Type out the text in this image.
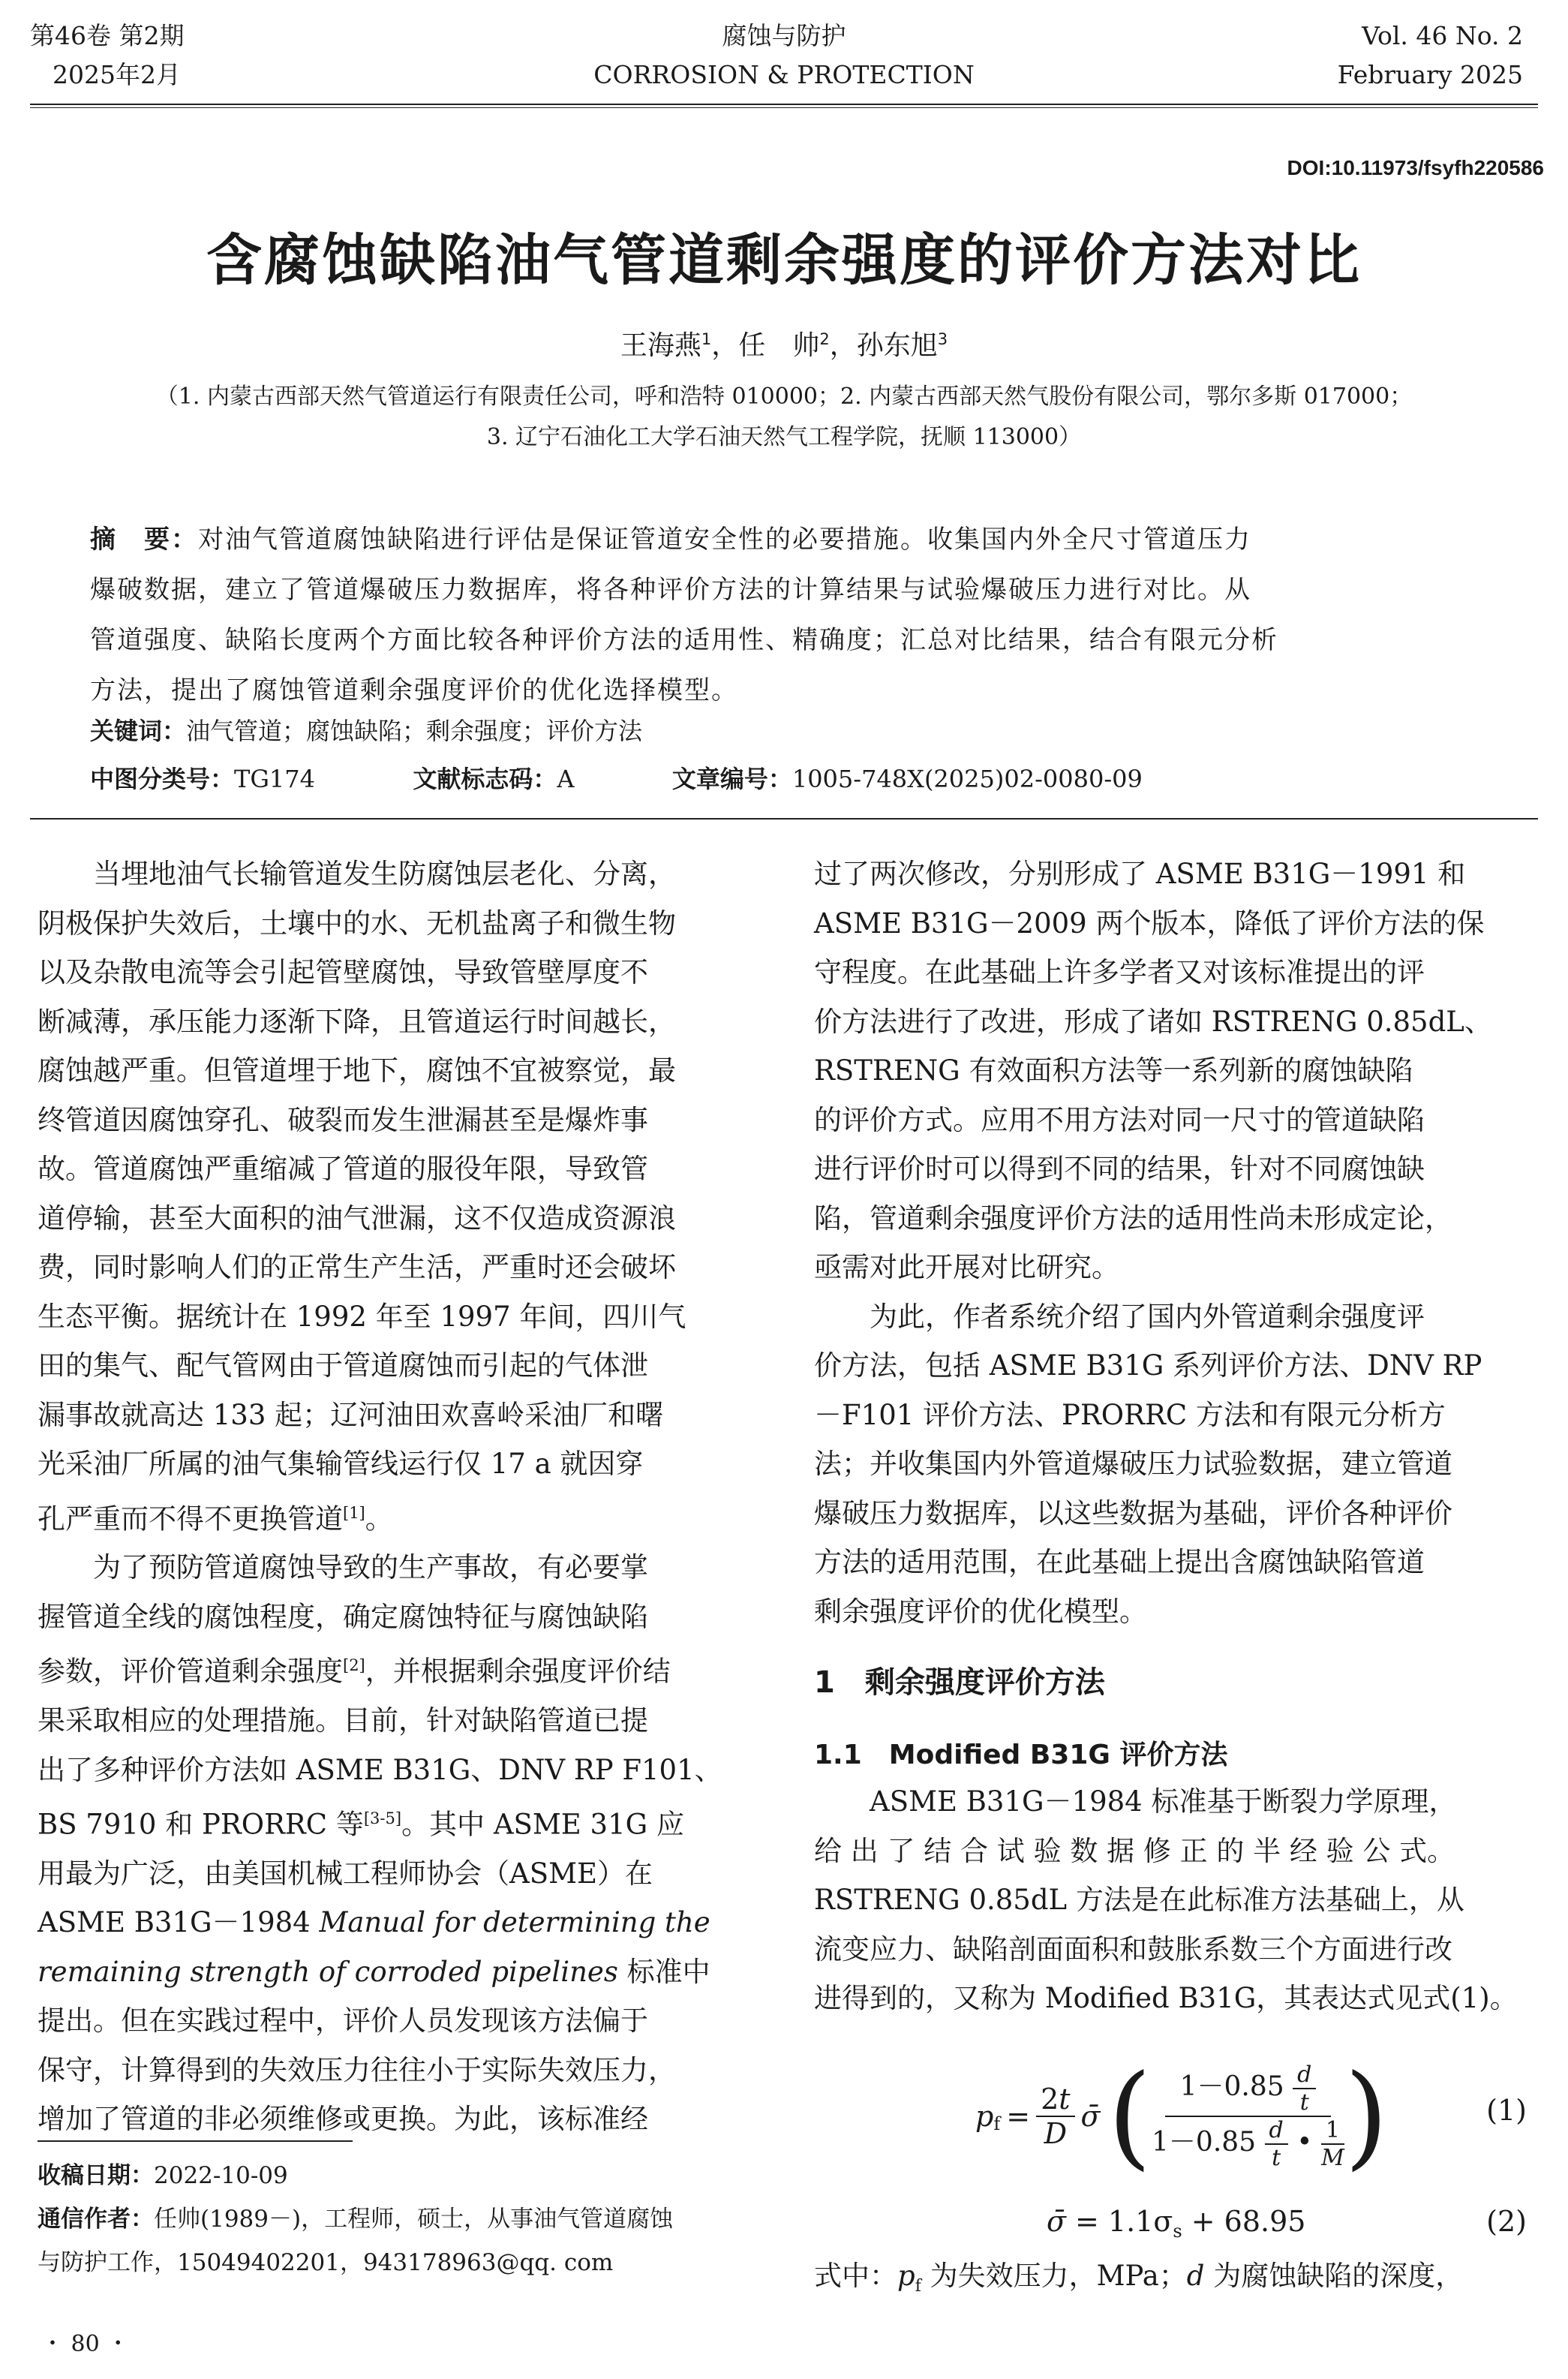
第46卷 第2期
2025年2月
腐蚀与防护
CORROSION & PROTECTION
Vol. 46 No. 2
February 2025
DOI:10.11973/fsyfh220586
含腐蚀缺陷油气管道剩余强度的评价方法对比
王海燕$^1$，任　帅$^2$，孙东旭$^3$
（1. 内蒙古西部天然气管道运行有限责任公司，呼和浩特 010000；2. 内蒙古西部天然气股份有限公司，鄂尔多斯 017000；
3. 辽宁石油化工大学石油天然气工程学院，抚顺 113000）
摘　要：对油气管道腐蚀缺陷进行评估是保证管道安全性的必要措施。收集国内外全尺寸管道压力
爆破数据，建立了管道爆破压力数据库，将各种评价方法的计算结果与试验爆破压力进行对比。从
管道强度、缺陷长度两个方面比较各种评价方法的适用性、精确度；汇总对比结果，结合有限元分析
方法，提出了腐蚀管道剩余强度评价的优化选择模型。
关键词：油气管道；腐蚀缺陷；剩余强度；评价方法
中图分类号：TG174	文献标志码：A	文章编号：1005-748X(2025)02-0080-09

当埋地油气长输管道发生防腐蚀层老化、分离，

阴极保护失效后，土壤中的水、无机盐离子和微生物
以及杂散电流等会引起管壁腐蚀，导致管壁厚度不
断减薄，承压能力逐渐下降，且管道运行时间越长，
腐蚀越严重。但管道埋于地下，腐蚀不宜被察觉，最
终管道因腐蚀穿孔、破裂而发生泄漏甚至是爆炸事
故。管道腐蚀严重缩减了管道的服役年限，导致管
道停输，甚至大面积的油气泄漏，这不仅造成资源浪
费，同时影响人们的正常生产生活，严重时还会破坏
生态平衡。据统计在 1992 年至 1997 年间，四川气
田的集气、配气管网由于管道腐蚀而引起的气体泄
漏事故就高达 133 起；辽河油田欢喜岭采油厂和曙
光采油厂所属的油气集输管线运行仅 17 a 就因穿
孔严重而不得不更换管道[1]。

为了预防管道腐蚀导致的生产事故，有必要掌

握管道全线的腐蚀程度，确定腐蚀特征与腐蚀缺陷
参数，评价管道剩余强度[2]，并根据剩余强度评价结
果采取相应的处理措施。目前，针对缺陷管道已提
出了多种评价方法如 ASME B31G、DNV RP F101、
BS 7910 和 PRORRC 等[3-5]。其中 ASME 31G 应
用最为广泛，由美国机械工程师协会（ASME）在
ASME B31G－1984 Manual for determining the
remaining strength of corroded pipelines 标准中
提出。但在实践过程中，评价人员发现该方法偏于
保守，计算得到的失效压力往往小于实际失效压力，
增加了管道的非必须维修或更换。为此，该标准经

收稿日期：2022-10-09
通信作者：任帅(1989－)，工程师，硕士，从事油气管道腐蚀
与防护工作，15049402201，943178963@qq. com
・ 80 ・

过了两次修改，分别形成了 ASME B31G－1991 和
ASME B31G－2009 两个版本，降低了评价方法的保
守程度。在此基础上许多学者又对该标准提出的评
价方法进行了改进，形成了诸如 RSTRENG 0.85dL、
RSTRENG 有效面积方法等一系列新的腐蚀缺陷
的评价方式。应用不用方法对同一尺寸的管道缺陷
进行评价时可以得到不同的结果，针对不同腐蚀缺
陷，管道剩余强度评价方法的适用性尚未形成定论，
亟需对此开展对比研究。

为此，作者系统介绍了国内外管道剩余强度评

价方法，包括 ASME B31G 系列评价方法、DNV RP
－F101 评价方法、PRORRC 方法和有限元分析方
法；并收集国内外管道爆破压力试验数据，建立管道
爆破压力数据库，以这些数据为基础，评价各种评价
方法的适用范围，在此基础上提出含腐蚀缺陷管道
剩余强度评价的优化模型。

1　剩余强度评价方法
1.1　Modified B31G 评价方法

ASME B31G－1984 标准基于断裂力学原理，

给 出 了 结 合 试 验 数 据 修 正 的 半 经 验 公 式。
RSTRENG 0.85dL 方法是在此标准方法基础上，从
流变应力、缺陷剖面面积和鼓胀系数三个方面进行改
进得到的，又称为 Modified B31G，其表达式见式(1)。

p $f = \frac{2t}{D}$ σ̄ ( $\frac{1-0.85 \frac{d}{t}}{1-0.85 \frac{d}{t} • \frac{1}{M}}$ )	(1)
σ̄ = $1.1\sigma_s + 68.95$	(2)
式中：$p_f$ 为失效压力，MPa；d 为腐蚀缺陷的深度，
